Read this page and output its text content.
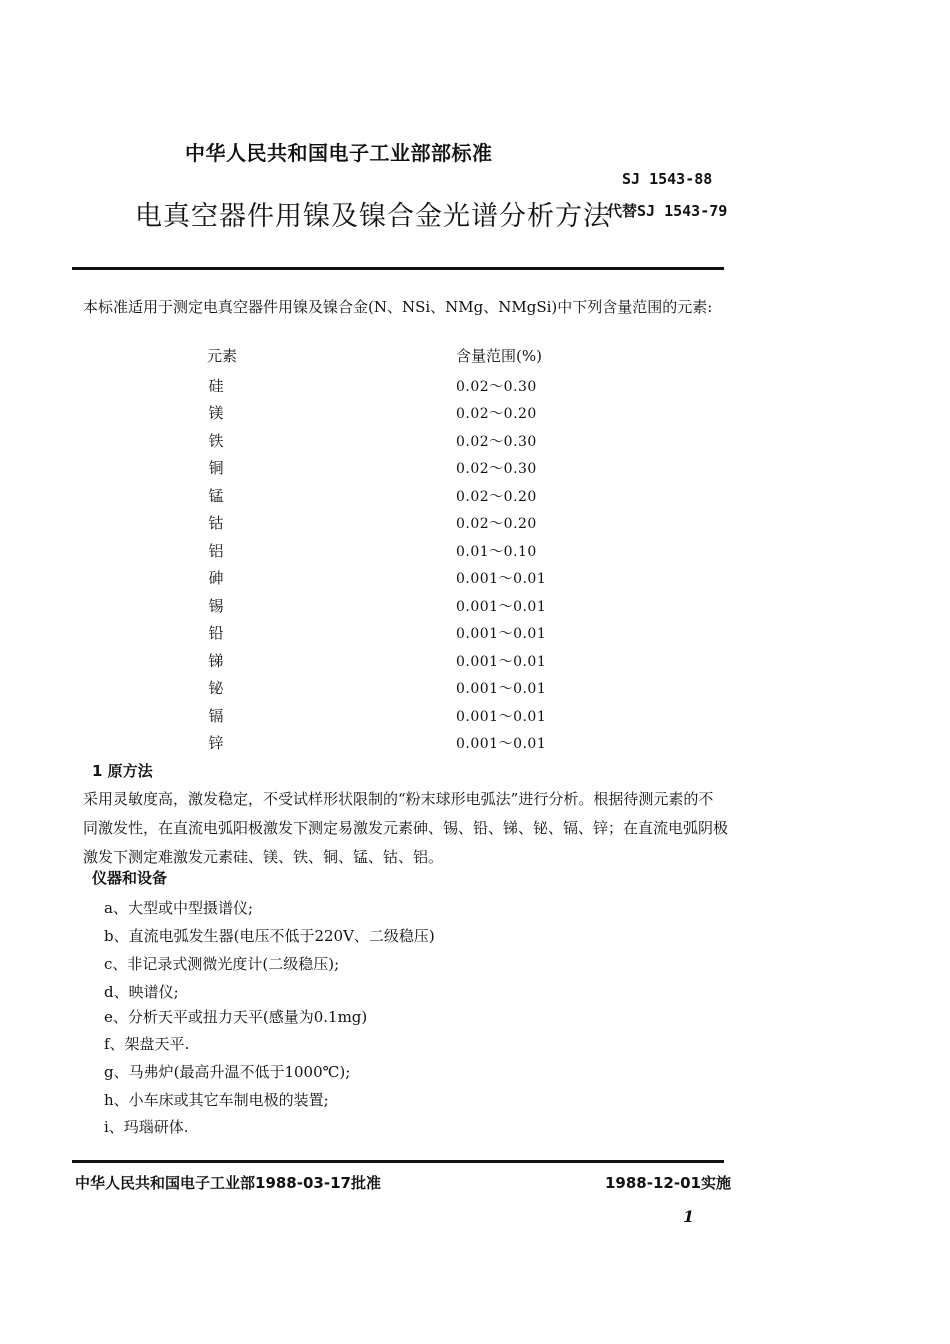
中华人民共和国电子工业部部标准
SJ 1543-88
电真空器件用镍及镍合金光谱分析方法
代替SJ 1543-79
本标准适用于测定电真空器件用镍及镍合金(N、NSi、NMg、NMgSi)中下列含量范围的元素:
元素	含量范围(%)
硅	0.02～0.30
镁	0.02～0.20
铁	0.02～0.30
铜	0.02～0.30
锰	0.02～0.20
钴	0.02～0.20
铝	0.01～0.10
砷	0.001～0.01
锡	0.001～0.01
铅	0.001～0.01
锑	0.001～0.01
铋	0.001～0.01
镉	0.001～0.01
锌	0.001～0.01
1 原方法
采用灵敏度高，激发稳定，不受试样形状限制的“粉末球形电弧法”进行分析。根据待测元素的不同激发性，在直流电弧阳极激发下测定易激发元素砷、锡、铅、锑、铋、镉、锌；在直流电弧阴极激发下测定难激发元素硅、镁、铁、铜、锰、钴、铝。
仪器和设备
a、大型或中型摄谱仪;
b、直流电弧发生器(电压不低于220V、二级稳压)
c、非记录式测微光度计(二级稳压);
d、映谱仪;
e、分析天平或扭力天平(感量为0.1mg)
f、架盘天平.
g、马弗炉(最高升温不低于1000℃);
h、小车床或其它车制电极的装置;
i、玛瑙研体.
中华人民共和国电子工业部1988-03-17批准	1988-12-01实施
1
